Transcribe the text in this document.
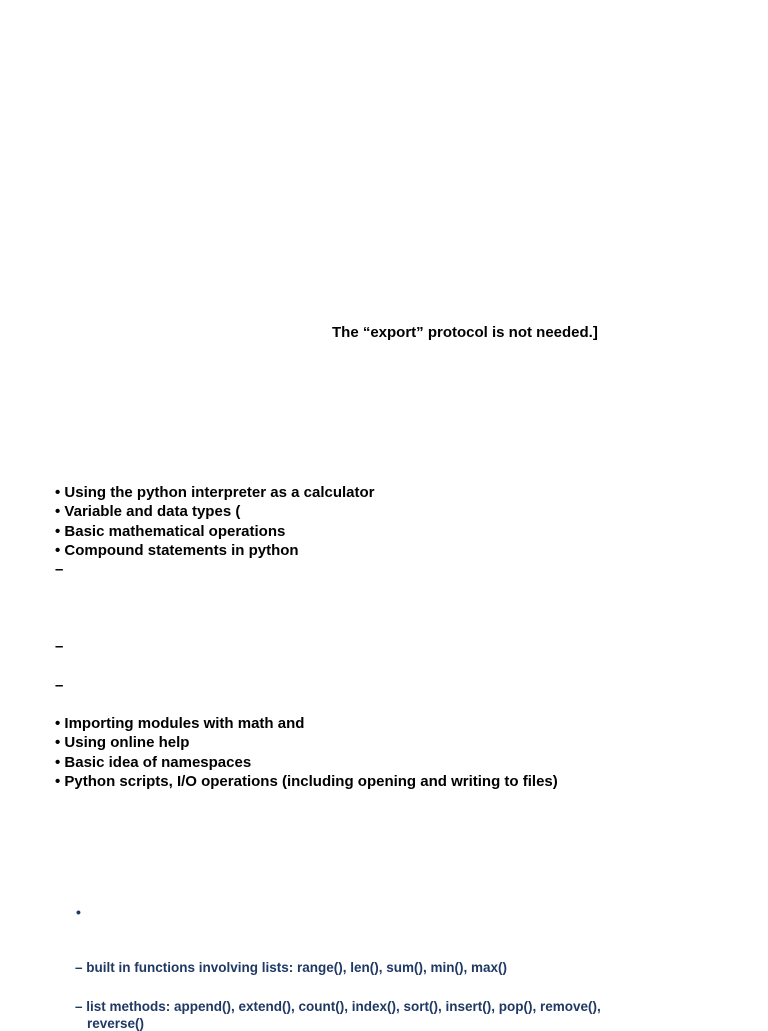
The “export” protocol is not needed.]
• Using the python interpreter as a calculator
• Variable and data types (
• Basic mathematical operations
• Compound statements in python
–
–
–
• Importing modules with math and
• Using online help
• Basic idea of namespaces
• Python scripts, I/O operations (including opening and writing to files)
•
– built in functions involving lists: range(), len(), sum(), min(), max()
– list methods: append(), extend(), count(), index(), sort(), insert(), pop(), remove(),
reverse()
